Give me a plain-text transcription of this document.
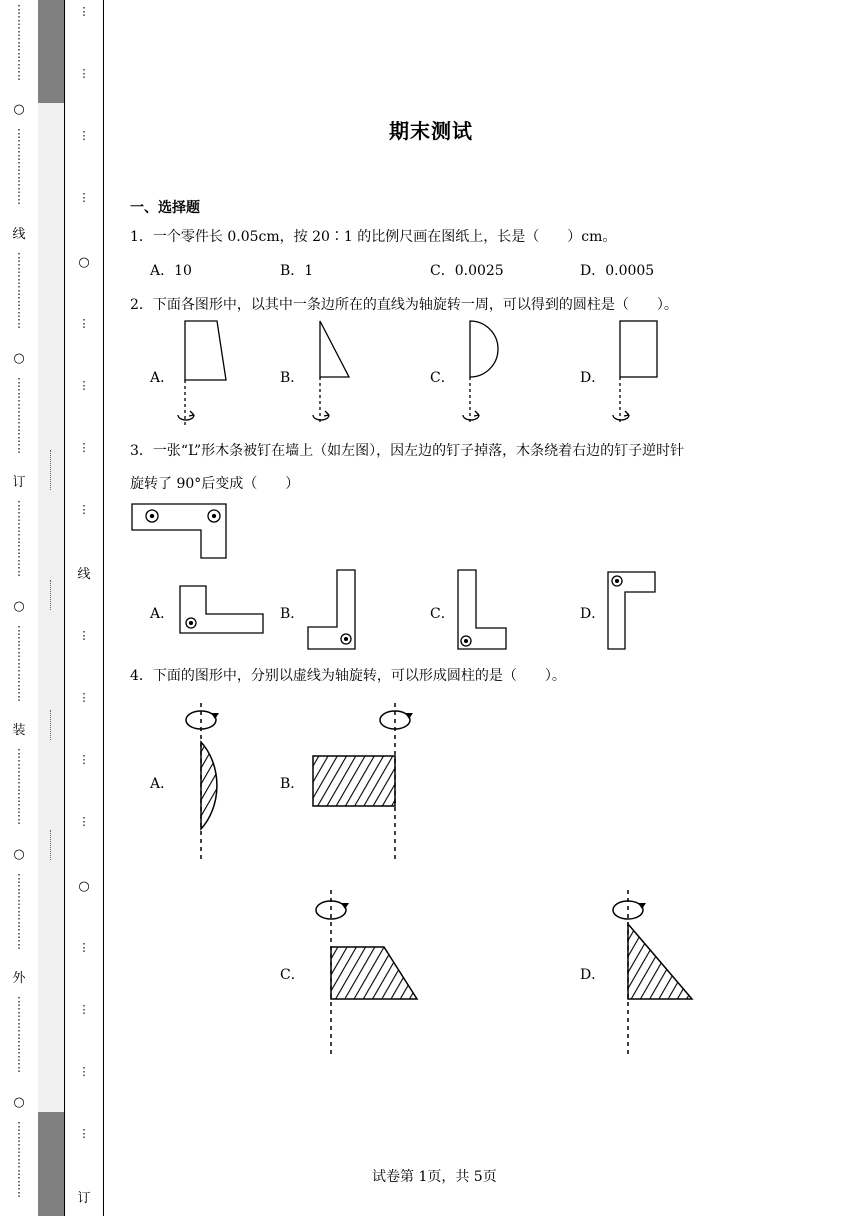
⋮
⋮
⋮
⋮
⋮
⋮
⋮
○
⋮
⋮
⋮
⋮
⋮
⋮
⋮
线
⋮
⋮
⋮
⋮
⋮
⋮
⋮
○
⋮
⋮
⋮
⋮
⋮
⋮
⋮
订
⋮
⋮
⋮
⋮
⋮
⋮
⋮
○
⋮
⋮
⋮
⋮
⋮
⋮
⋮
装
⋮
⋮
⋮
⋮
⋮
⋮
⋮
○
⋮
⋮
⋮
⋮
⋮
⋮
⋮
外
⋮
⋮
⋮
⋮
⋮
⋮
⋮
○
⋮
⋮
⋮
⋮
⋮
⋮
⋮
⋮
⋮
⋮
⋮
○
⋮
⋮
⋮
⋮
线
⋮
⋮
⋮
⋮
○
⋮
⋮
⋮
⋮
订
期末测试
一、选择题
1．一个零件长 0.05cm，按 20∶1 的比例尺画在图纸上，长是（　　）cm。
A．10	B．1	C．0.0025	D．0.0005
2．下面各图形中，以其中一条边所在的直线为轴旋转一周，可以得到的圆柱是（　　）。
A．	B．	C．	D．
3．一张“L”形木条被钉在墙上（如左图），因左边的钉子掉落，木条绕着右边的钉子逆时针
旋转了 90°后变成（　　）
A．	B．	C．	D．
4．下面的图形中，分别以虚线为轴旋转，可以形成圆柱的是（　　）。
A．	B．
C．	D．
试卷第 1页，共 5页
